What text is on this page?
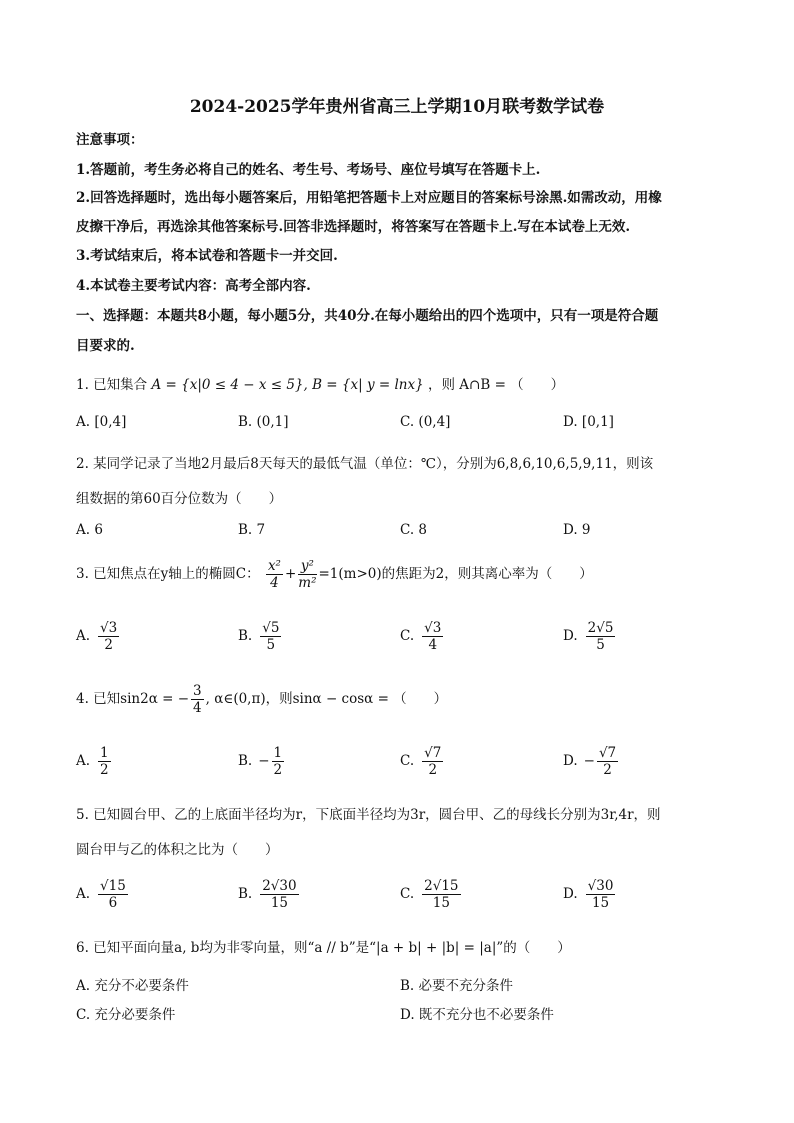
2024-2025学年贵州省高三上学期10月联考数学试卷
注意事项：
1.答题前，考生务必将自己的姓名、考生号、考场号、座位号填写在答题卡上.
2.回答选择题时，选出每小题答案后，用铅笔把答题卡上对应题目的答案标号涂黑.如需改动，用橡
皮擦干净后，再选涂其他答案标号.回答非选择题时，将答案写在答题卡上.写在本试卷上无效.
3.考试结束后，将本试卷和答题卡一并交回.
4.本试卷主要考试内容：高考全部内容.
一、选择题：本题共8小题，每小题5分，共40分.在每小题给出的四个选项中，只有一项是符合题
目要求的.
1. 已知集合 A = {x|0 ≤ 4 − x ≤ 5}, B = {x| y = lnx} ，则 A∩B = （　　）
A. [0,4]	B. (0,1]	C. (0,4]	D. [0,1]
2. 某同学记录了当地2月最后8天每天的最低气温（单位：℃），分别为6,8,6,10,6,5,9,11，则该
组数据的第60百分位数为（　　）
A. 6	B. 7	C. 8	D. 9
3. 已知焦点在y轴上的椭圆C： $\frac{\text{x²}}{4} + \frac{\text{y²}}{\text{m²}} =1(m>0)$的焦距为2，则其离心率为（　　）
A. $\frac{√3}{2}$	B. $\frac{√5}{5}$	C. $\frac{√3}{4}$	D. $\frac{2√5}{5}$
4. 已知sin2α = − $\frac{3}{4}$ , α∈(0,π)，则sinα − cosα = （　　）
A. $\frac{1}{2}$	B. − $\frac{1}{2}$	C. $\frac{√7}{2}$	D. − $\frac{√7}{2}$
5. 已知圆台甲、乙的上底面半径均为r，下底面半径均为3r，圆台甲、乙的母线长分别为3r,4r，则
圆台甲与乙的体积之比为（　　）
A. $\frac{√15}{6}$	B. $\frac{2√30}{15}$	C. $\frac{2√15}{15}$	D. $\frac{√30}{15}$
6. 已知平面向量a, b均为非零向量，则“a // b”是“|a + b| + |b| = |a|”的（　　）
A. 充分不必要条件	B. 必要不充分条件
C. 充分必要条件	D. 既不充分也不必要条件
